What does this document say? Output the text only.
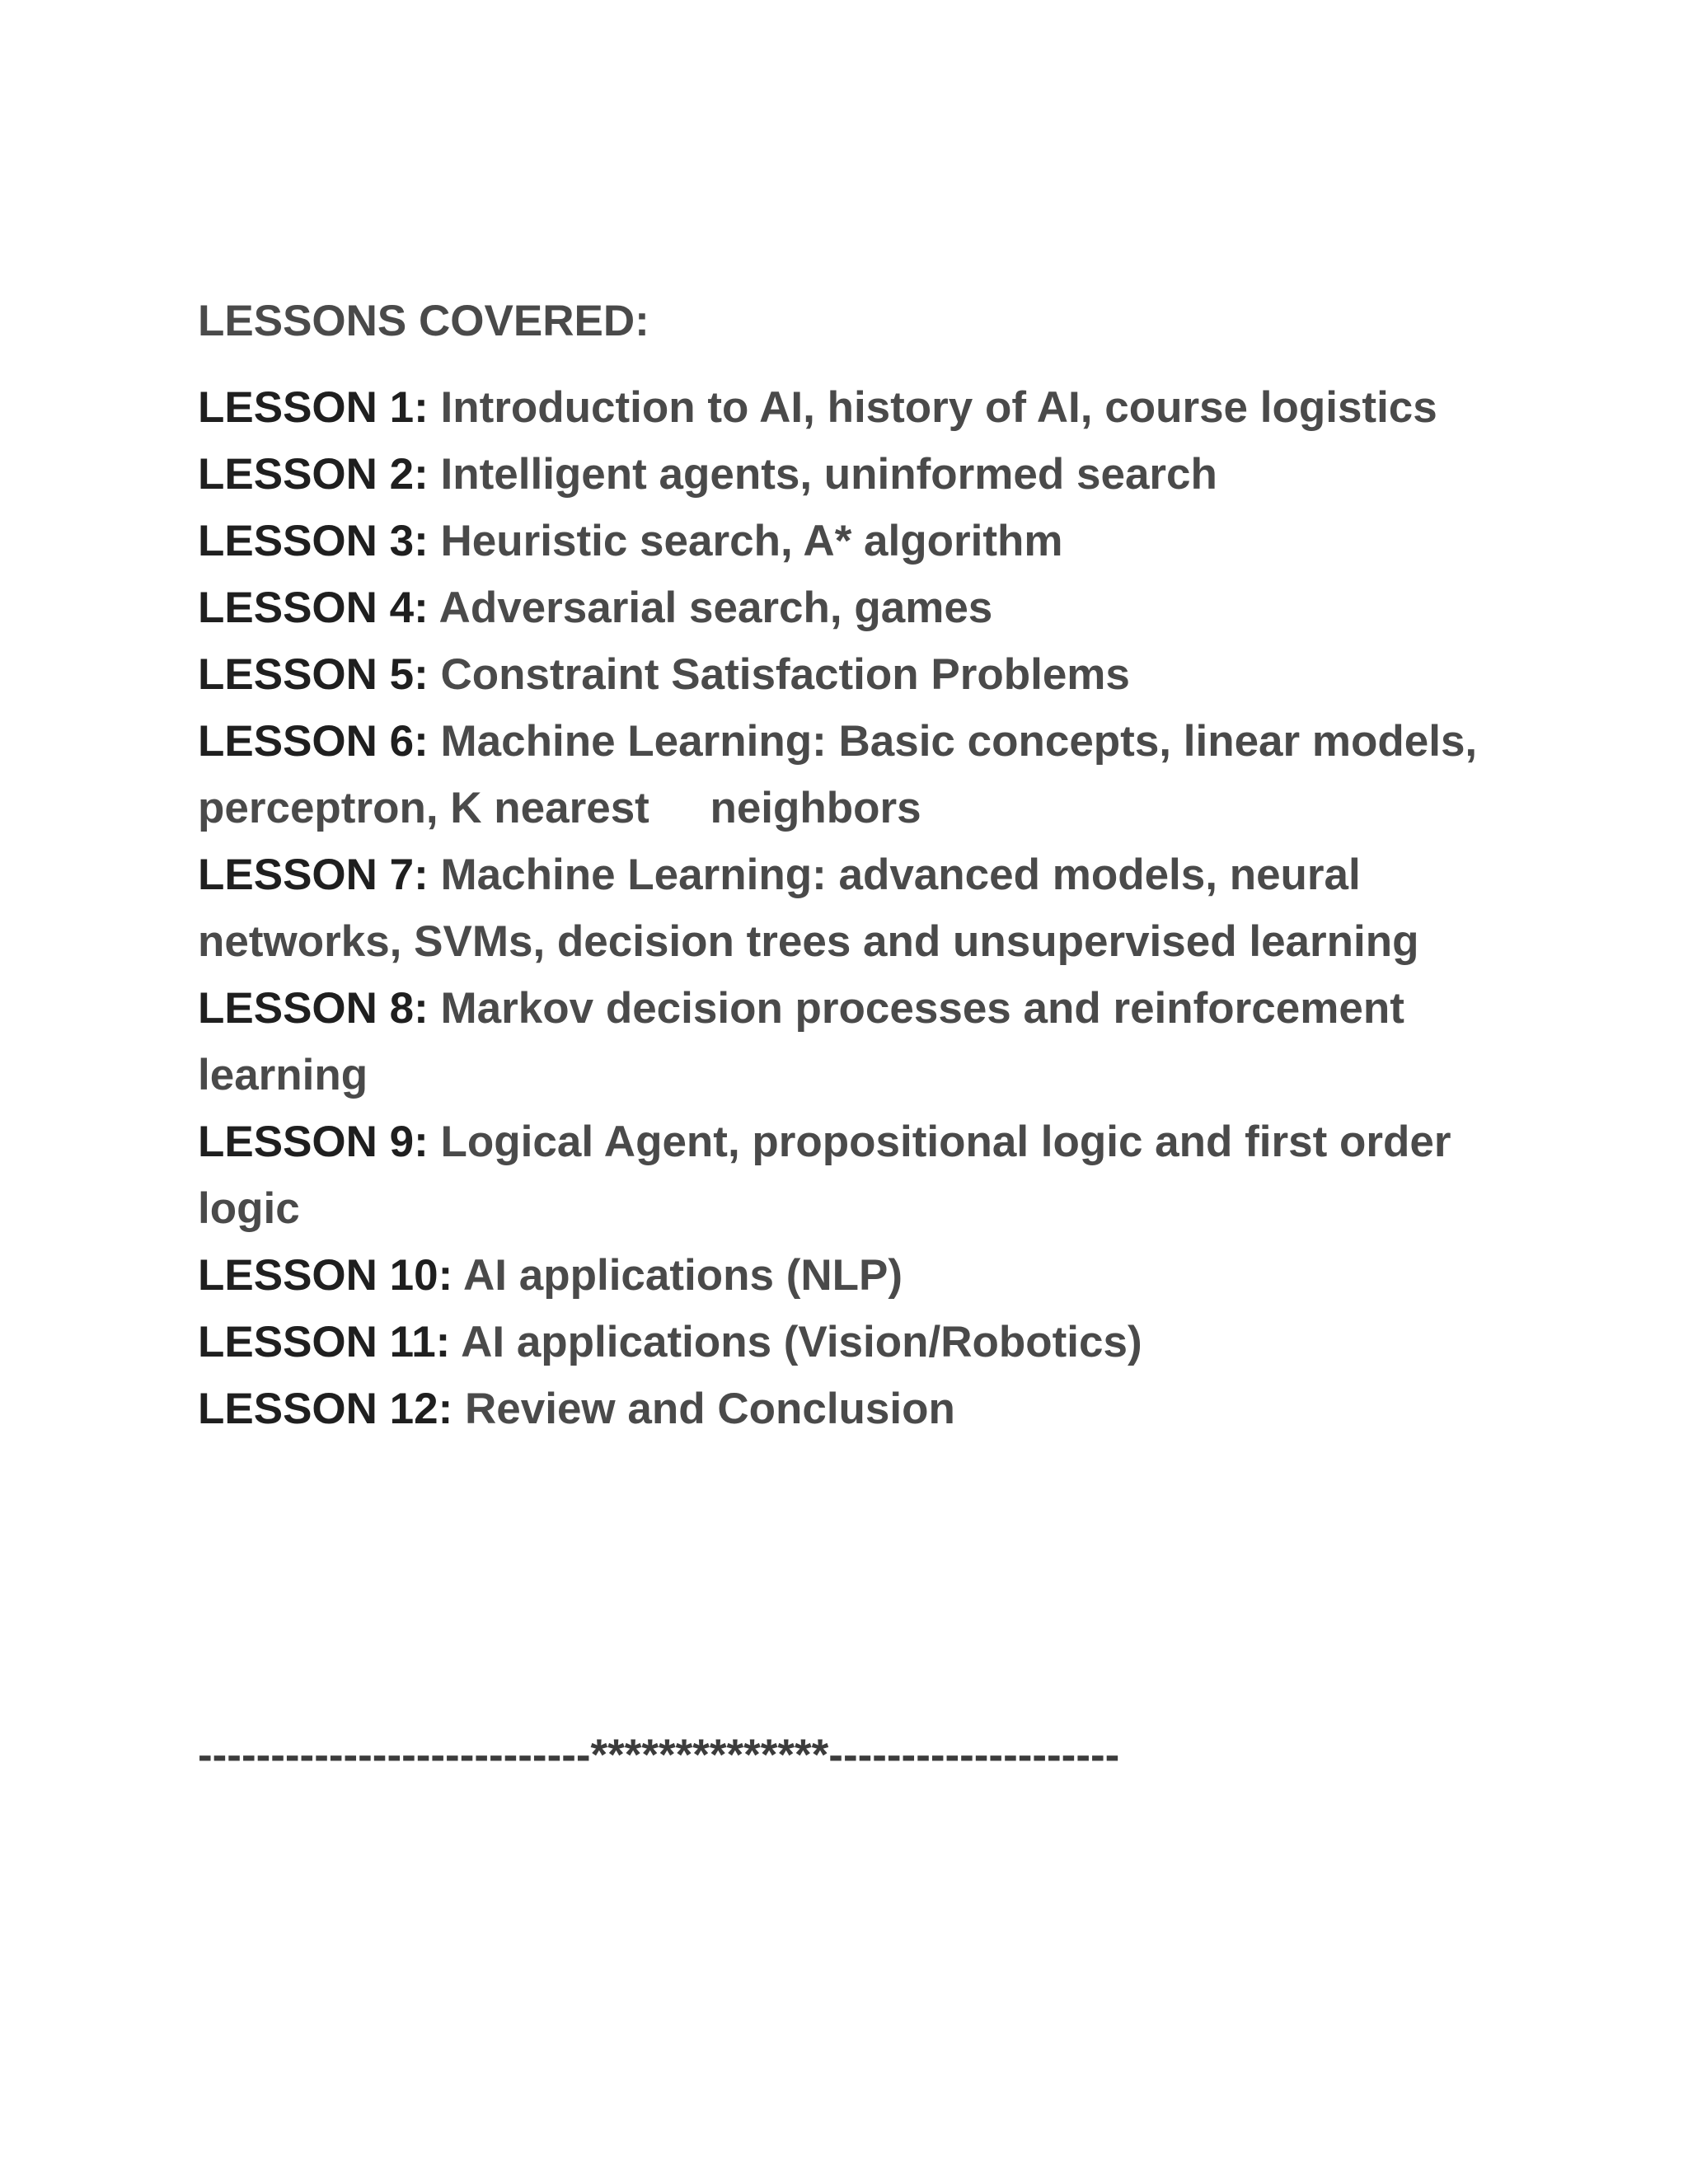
LESSONS COVERED:
LESSON 1: Introduction to AI, history of AI, course logistics
LESSON 2: Intelligent agents, uninformed search
LESSON 3: Heuristic search, A* algorithm
LESSON 4: Adversarial search, games
LESSON 5: Constraint Satisfaction Problems
LESSON 6: Machine Learning: Basic concepts, linear models, perceptron, K nearest     neighbors
LESSON 7: Machine Learning: advanced models, neural networks, SVMs, decision trees and unsupervised learning
LESSON 8: Markov decision processes and reinforcement learning
LESSON 9: Logical Agent, propositional logic and first order logic
LESSON 10: AI applications (NLP)
LESSON 11: AI applications (Vision/Robotics)
LESSON 12: Review and Conclusion
---------------------------**************--------------------
